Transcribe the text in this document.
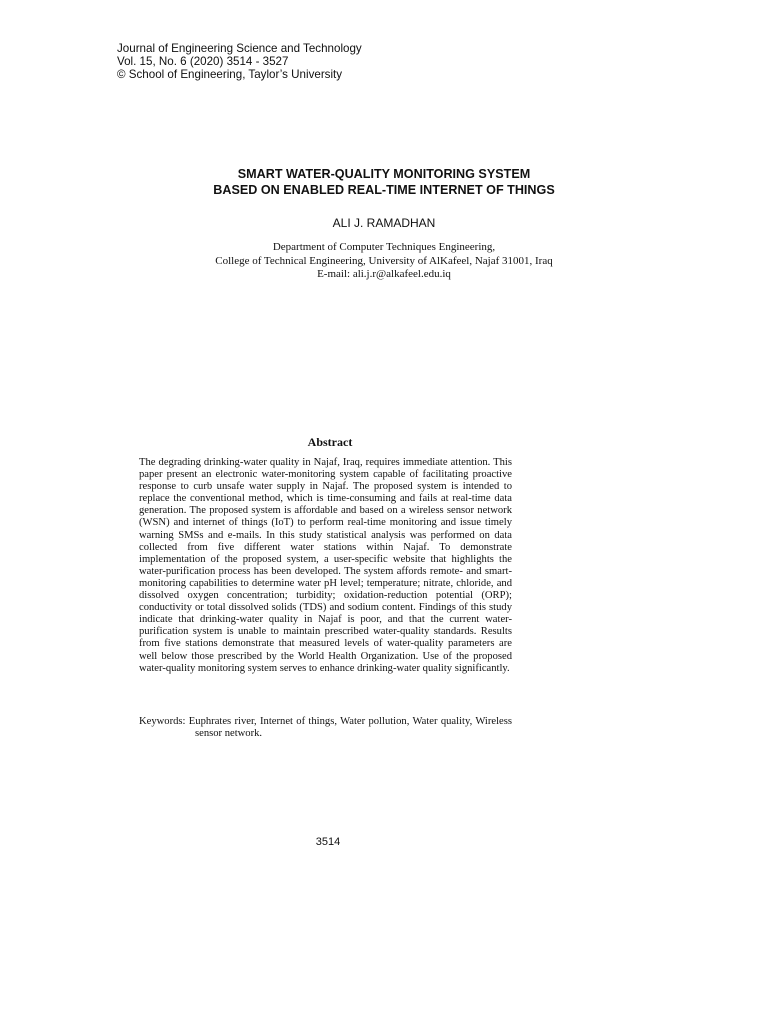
Journal of Engineering Science and Technology
Vol. 15, No. 6 (2020) 3514 - 3527
© School of Engineering, Taylor’s University
SMART WATER-QUALITY MONITORING SYSTEM
BASED ON ENABLED REAL-TIME INTERNET OF THINGS
ALI J. RAMADHAN
Department of Computer Techniques Engineering,
College of Technical Engineering, University of AlKafeel, Najaf 31001, Iraq
E-mail: ali.j.r@alkafeel.edu.iq
Abstract

The degrading drinking-water quality in Najaf, Iraq, requires immediate attention. This paper present an electronic water-monitoring system capable of facilitating proactive response to curb unsafe water supply in Najaf. The proposed system is intended to replace the conventional method, which is time-consuming and fails at real-time data generation. The proposed system is affordable and based on a wireless sensor network (WSN) and internet of things (IoT) to perform real-time monitoring and issue timely warning SMSs and e-mails. In this study statistical analysis was performed on data collected from five different water stations within Najaf. To demonstrate implementation of the proposed system, a user-specific website that highlights the water-purification process has been developed. The system affords remote- and smart-monitoring capabilities to determine water pH level; temperature; nitrate, chloride, and dissolved oxygen concentration; turbidity; oxidation-reduction potential (ORP); conductivity or total dissolved solids (TDS) and sodium content. Findings of this study indicate that drinking-water quality in Najaf is poor, and that the current water-purification system is unable to maintain prescribed water-quality standards. Results from five stations demonstrate that measured levels of water-quality parameters are well below those prescribed by the World Health Organization. Use of the proposed water-quality monitoring system serves to enhance drinking-water quality significantly.

Keywords: Euphrates river, Internet of things, Water pollution, Water quality, Wireless sensor network.

3514
